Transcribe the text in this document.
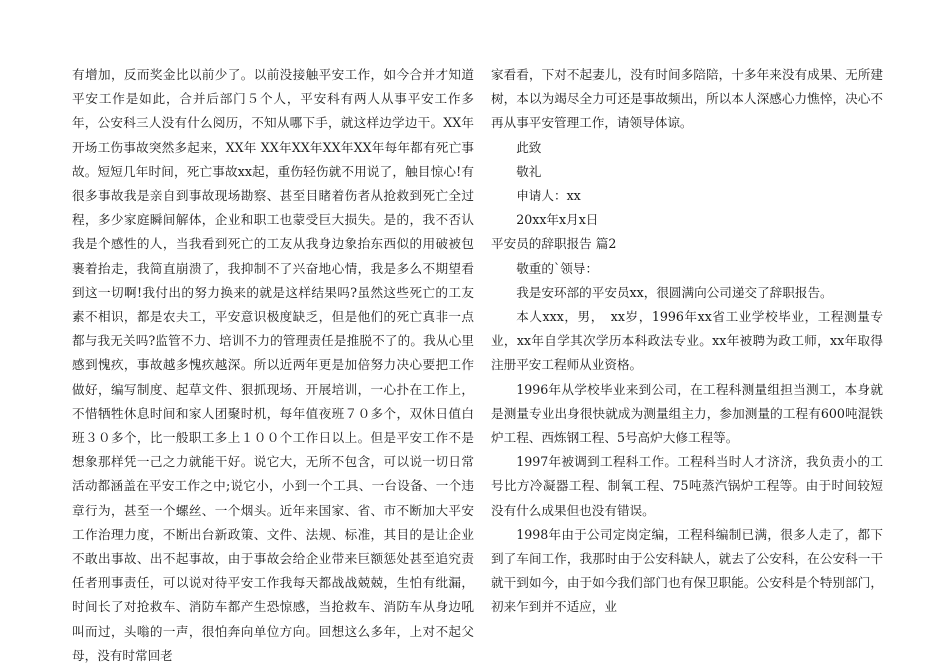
有增加，反而奖金比以前少了。以前没接触平安工作，如今合并才知道平安工作是如此，合并后部门５个人，平安科有两人从事平安工作多年，公安科三人没有什么阅历，不知从哪下手，就这样边学边干。XX年开场工伤事故突然多起来，XX年 XX年XX年XX年XX年每年都有死亡事故。短短几年时间，死亡事故xx起，重伤轻伤就不用说了，触目惊心!有很多事故我是亲自到事故现场勘察、甚至目睹着伤者从抢救到死亡全过程，多少家庭瞬间解体，企业和职工也蒙受巨大损失。是的，我不否认我是个感性的人，当我看到死亡的工友从我身边象抬东西似的用破被包裹着抬走，我简直崩溃了，我抑制不了兴奋地心情，我是多么不期望看到这一切啊!我付出的努力换来的就是这样结果吗?虽然这些死亡的工友素不相识，都是农夫工，平安意识极度缺乏，但是他们的死亡真非一点都与我无关吗?监管不力、培训不力的管理责任是推脱不了的。我从心里感到愧疚，事故越多愧疚越深。所以近两年更是加倍努力决心要把工作做好，编写制度、起草文件、狠抓现场、开展培训，一心扑在工作上，不惜牺牲休息时间和家人团聚时机，每年值夜班７０多个，双休日值白班３０多个，比一般职工多上１００个工作日以上。但是平安工作不是想象那样凭一己之力就能干好。说它大，无所不包含，可以说一切日常活动都涵盖在平安工作之中;说它小，小到一个工具、一台设备、一个违章行为，甚至一个螺丝、一个烟头。近年来国家、省、市不断加大平安工作治理力度，不断出台新政策、文件、法规、标准，其目的是让企业不敢出事故、出不起事故，由于事故会给企业带来巨额惩处甚至追究责任者刑事责任，可以说对待平安工作我每天都战战兢兢，生怕有纰漏，时间长了对抢救车、消防车都产生恐惊感，当抢救车、消防车从身边吼叫而过，头嗡的一声，很怕奔向单位方向。回想这么多年，上对不起父母，没有时常回老

家看看，下对不起妻儿，没有时间多陪陪，十多年来没有成果、无所建树，本以为竭尽全力可还是事故频出，所以本人深感心力憔悴，决心不再从事平安管理工作，请领导体谅。

此致

敬礼

申请人：xx

20xx年x月x日

平安员的辞职报告 篇2

敬重的`领导：

我是安环部的平安员xx，很圆满向公司递交了辞职报告。

本人xxx，男，　xx岁，1996年xx省工业学校毕业，工程测量专业，xx年自学其次学历本科政法专业。xx年被聘为政工师，xx年取得注册平安工程师从业资格。

1996年从学校毕业来到公司，在工程科测量组担当测工，本身就是测量专业出身很快就成为测量组主力，参加测量的工程有600吨混铁炉工程、西炼钢工程、5号高炉大修工程等。

1997年被调到工程科工作。工程科当时人才济济，我负责小的工号比方冷凝器工程、制氧工程、75吨蒸汽锅炉工程等。由于时间较短没有什么成果但也没有错误。

1998年由于公司定岗定编，工程科编制已满，很多人走了，都下到了车间工作，我那时由于公安科缺人，就去了公安科，在公安科一干就干到如今，由于如今我们部门也有保卫职能。公安科是个特别部门，初来乍到并不适应，业
